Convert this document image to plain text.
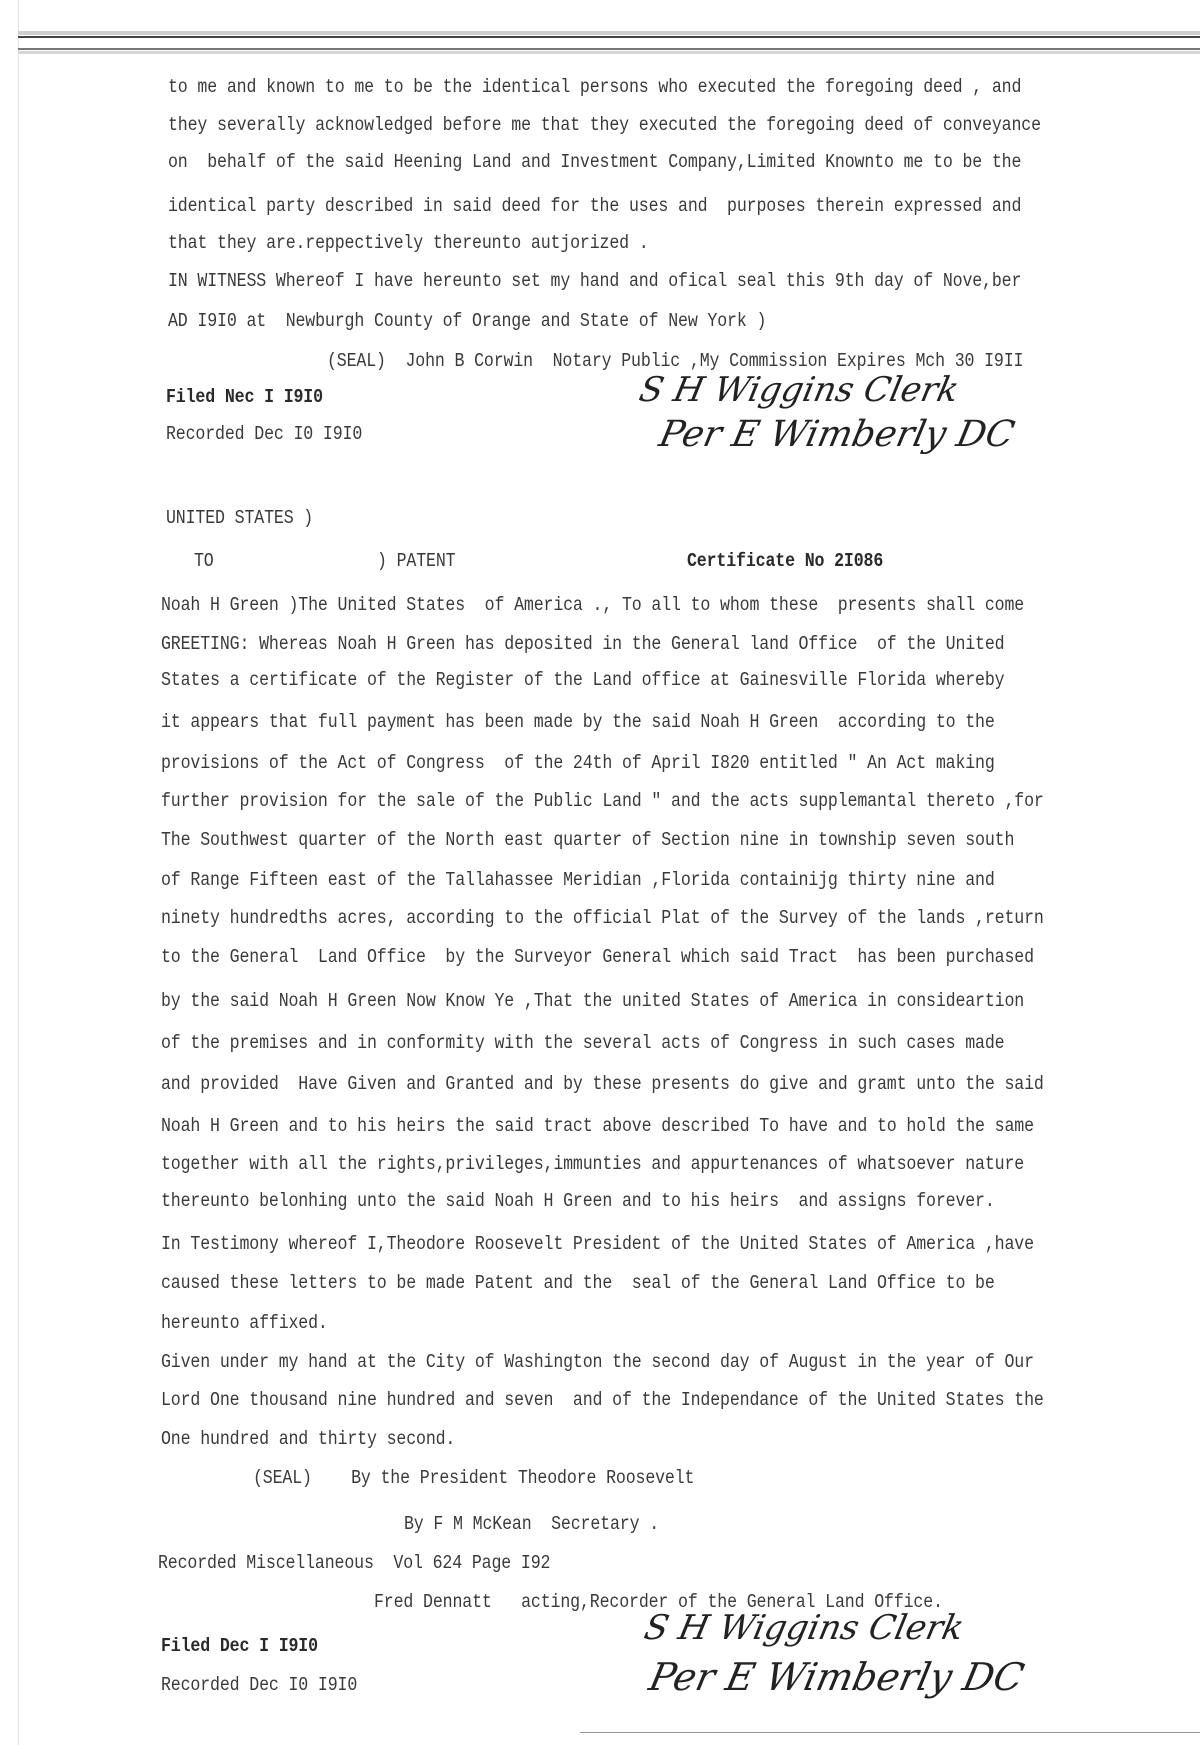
to me and known to me to be the identical persons who executed the foregoing deed , and
they severally acknowledged before me that they executed the foregoing deed of conveyance
on  behalf of the said Heening Land and Investment Company,Limited Knownto me to be the
identical party described in said deed for the uses and  purposes therein expressed and
that they are.reppectively thereunto autjorized .
IN WITNESS Whereof I have hereunto set my hand and ofical seal this 9th day of Nove,ber
AD I9I0 at  Newburgh County of Orange and State of New York )
(SEAL)  John B Corwin  Notary Public ,My Commission Expires Mch 30 I9II
Filed Nec I I9I0
Recorded Dec I0 I9I0
S H Wiggins Clerk
Per E Wimberly DC
UNITED STATES )
TO	) PATENT	Certificate No 2I086
Noah H Green )The United States  of America ., To all to whom these  presents shall come
GREETING: Whereas Noah H Green has deposited in the General land Office  of the United
States a certificate of the Register of the Land office at Gainesville Florida whereby
it appears that full payment has been made by the said Noah H Green  according to the
provisions of the Act of Congress  of the 24th of April I820 entitled " An Act making
further provision for the sale of the Public Land " and the acts supplemantal thereto ,for
The Southwest quarter of the North east quarter of Section nine in township seven south
of Range Fifteen east of the Tallahassee Meridian ,Florida containijg thirty nine and
ninety hundredths acres, according to the official Plat of the Survey of the lands ,return
to the General  Land Office  by the Surveyor General which said Tract  has been purchased
by the said Noah H Green Now Know Ye ,That the united States of America in consideartion
of the premises and in conformity with the several acts of Congress in such cases made
and provided  Have Given and Granted and by these presents do give and gramt unto the said
Noah H Green and to his heirs the said tract above described To have and to hold the same
together with all the rights,privileges,immunties and appurtenances of whatsoever nature
thereunto belonhing unto the said Noah H Green and to his heirs  and assigns forever.
In Testimony whereof I,Theodore Roosevelt President of the United States of America ,have
caused these letters to be made Patent and the  seal of the General Land Office to be
hereunto affixed.
Given under my hand at the City of Washington the second day of August in the year of Our
Lord One thousand nine hundred and seven  and of the Independance of the United States the
One hundred and thirty second.
(SEAL)    By the President Theodore Roosevelt
By F M McKean  Secretary .
Recorded Miscellaneous  Vol 624 Page I92
Fred Dennatt   acting,Recorder of the General Land Office.
Filed Dec I I9I0
Recorded Dec I0 I9I0
S H Wiggins Clerk
Per E Wimberly DC
